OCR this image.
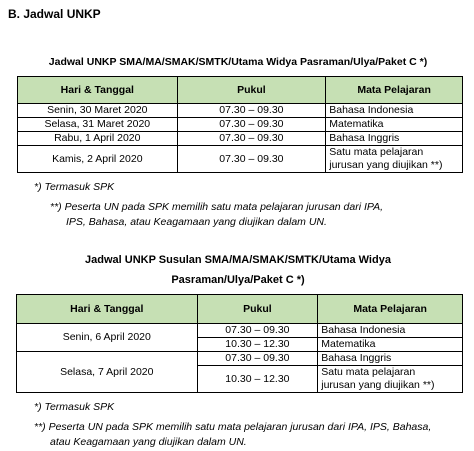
B. Jadwal UNKP
Jadwal UNKP SMA/MA/SMAK/SMTK/Utama Widya Pasraman/Ulya/Paket C *)
Hari & Tanggal	Pukul	Mata Pelajaran
Senin, 30 Maret 2020	07.30 – 09.30	Bahasa Indonesia
Selasa, 31 Maret 2020	07.30 – 09.30	Matematika
Rabu, 1 April 2020	07.30 – 09.30	Bahasa Inggris
Kamis, 2 April 2020	07.30 – 09.30	Satu mata pelajaran
jurusan yang diujikan **)
*) Termasuk SPK
**) Peserta UN pada SPK memilih satu mata pelajaran jurusan dari IPA,
IPS, Bahasa, atau Keagamaan yang diujikan dalam UN.
Jadwal UNKP Susulan SMA/MA/SMAK/SMTK/Utama Widya
Pasraman/Ulya/Paket C *)
Hari & Tanggal	Pukul	Mata Pelajaran
Senin, 6 April 2020	07.30 – 09.30	Bahasa Indonesia
	10.30 – 12.30	Matematika
Selasa, 7 April 2020	07.30 – 09.30	Bahasa Inggris
	10.30 – 12.30	Satu mata pelajaran
jurusan yang diujikan **)
*) Termasuk SPK
**) Peserta UN pada SPK memilih satu mata pelajaran jurusan dari IPA, IPS, Bahasa,
atau Keagamaan yang diujikan dalam UN.
